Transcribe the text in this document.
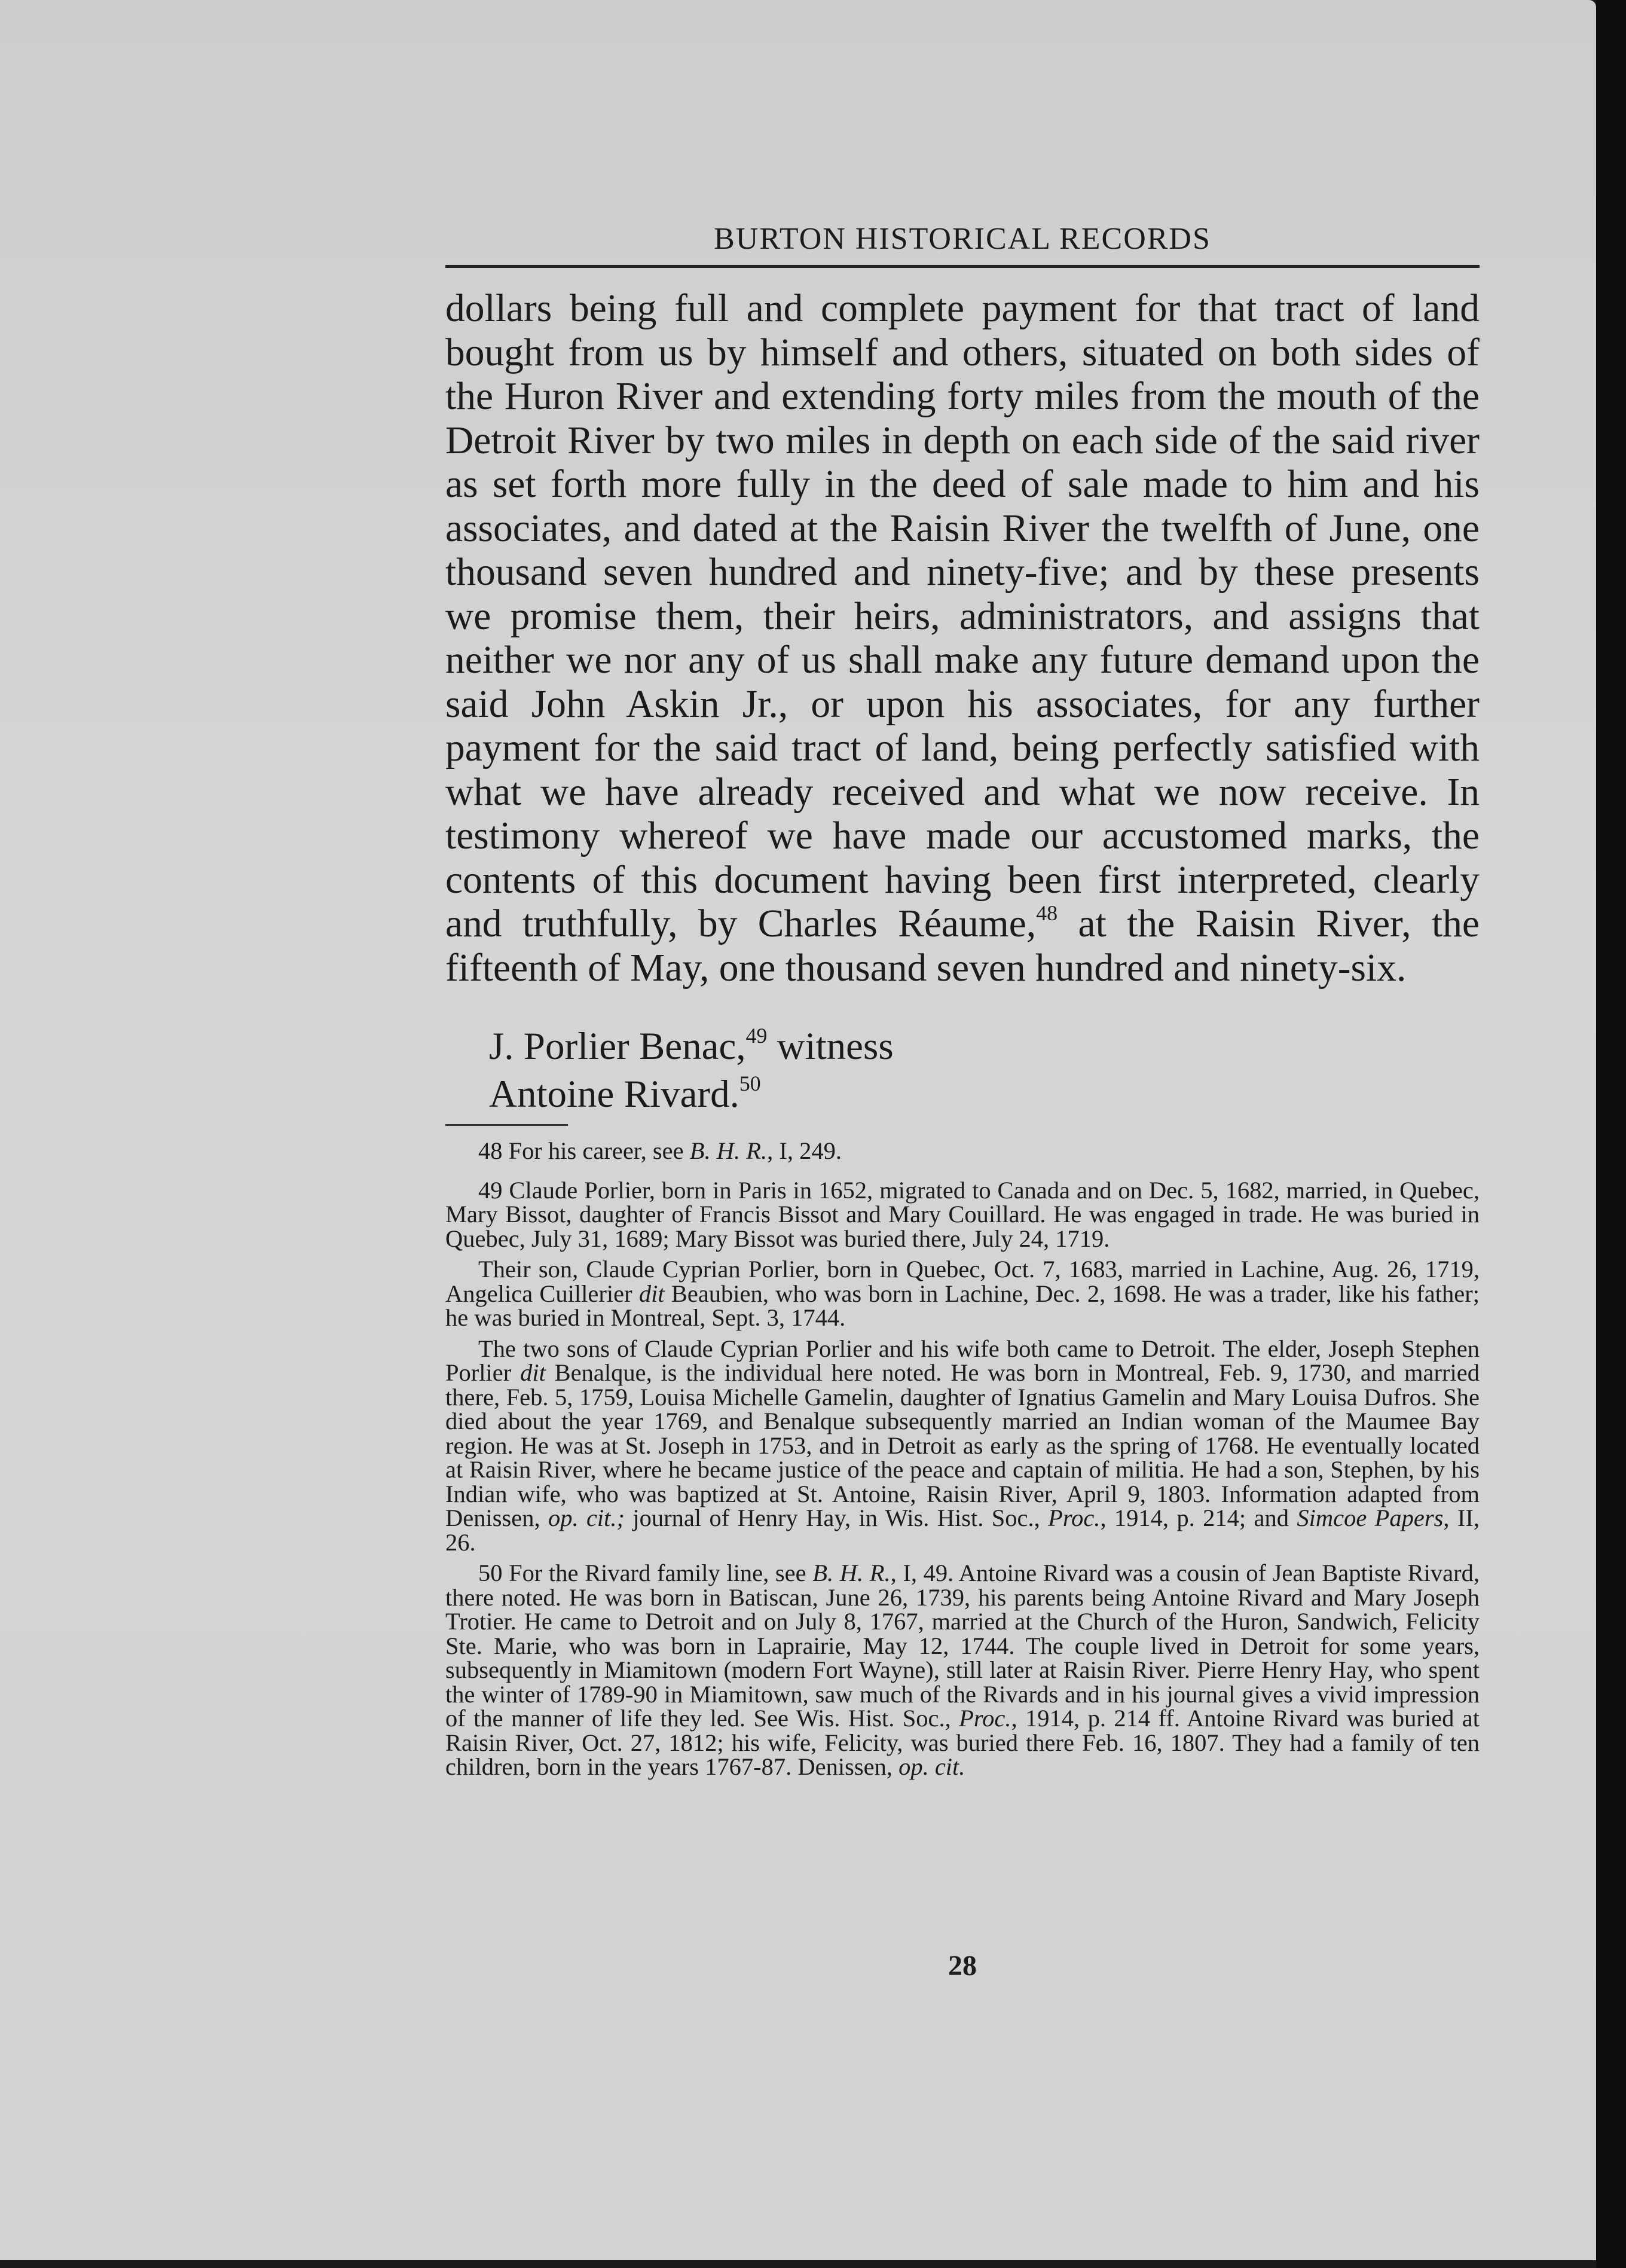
BURTON HISTORICAL RECORDS

dollars being full and complete payment for that tract of land bought from us by himself and others, situated on both sides of the Huron River and extending forty miles from the mouth of the Detroit River by two miles in depth on each side of the said river as set forth more fully in the deed of sale made to him and his associates, and dated at the Raisin River the twelfth of June, one thousand seven hundred and ninety-five; and by these presents we promise them, their heirs, administrators, and assigns that neither we nor any of us shall make any future demand upon the said John Askin Jr., or upon his associates, for any further payment for the said tract of land, being perfectly satisfied with what we have already received and what we now receive. In testimony whereof we have made our accustomed marks, the contents of this document having been first interpreted, clearly and truthfully, by Charles Réaume,$^{48}$ at the Raisin River, the fifteenth of May, one thousand seven hundred and ninety-six.

J. Porlier Benac,$^{49}$ witness
Antoine Rivard.$^{50}$

48 For his career, see B. H. R., I, 249.

49 Claude Porlier, born in Paris in 1652, migrated to Canada and on Dec. 5, 1682, married, in Quebec, Mary Bissot, daughter of Francis Bissot and Mary Couillard. He was engaged in trade. He was buried in Quebec, July 31, 1689; Mary Bissot was buried there, July 24, 1719.

Their son, Claude Cyprian Porlier, born in Quebec, Oct. 7, 1683, married in Lachine, Aug. 26, 1719, Angelica Cuillerier dit Beaubien, who was born in Lachine, Dec. 2, 1698. He was a trader, like his father; he was buried in Montreal, Sept. 3, 1744.

The two sons of Claude Cyprian Porlier and his wife both came to Detroit. The elder, Joseph Stephen Porlier dit Benalque, is the individual here noted. He was born in Montreal, Feb. 9, 1730, and married there, Feb. 5, 1759, Louisa Michelle Gamelin, daughter of Ignatius Gamelin and Mary Louisa Dufros. She died about the year 1769, and Benalque subsequently married an Indian woman of the Maumee Bay region. He was at St. Joseph in 1753, and in Detroit as early as the spring of 1768. He eventually located at Raisin River, where he became justice of the peace and captain of militia. He had a son, Stephen, by his Indian wife, who was baptized at St. Antoine, Raisin River, April 9, 1803. Information adapted from Denissen, op. cit.; journal of Henry Hay, in Wis. Hist. Soc., Proc., 1914, p. 214; and Simcoe Papers, II, 26.

50 For the Rivard family line, see B. H. R., I, 49. Antoine Rivard was a cousin of Jean Baptiste Rivard, there noted. He was born in Batiscan, June 26, 1739, his parents being Antoine Rivard and Mary Joseph Trotier. He came to Detroit and on July 8, 1767, married at the Church of the Huron, Sandwich, Felicity Ste. Marie, who was born in Laprairie, May 12, 1744. The couple lived in Detroit for some years, subsequently in Miamitown (modern Fort Wayne), still later at Raisin River. Pierre Henry Hay, who spent the winter of 1789-90 in Miamitown, saw much of the Rivards and in his journal gives a vivid impression of the manner of life they led. See Wis. Hist. Soc., Proc., 1914, p. 214 ff. Antoine Rivard was buried at Raisin River, Oct. 27, 1812; his wife, Felicity, was buried there Feb. 16, 1807. They had a family of ten children, born in the years 1767-87. Denissen, op. cit.

28
